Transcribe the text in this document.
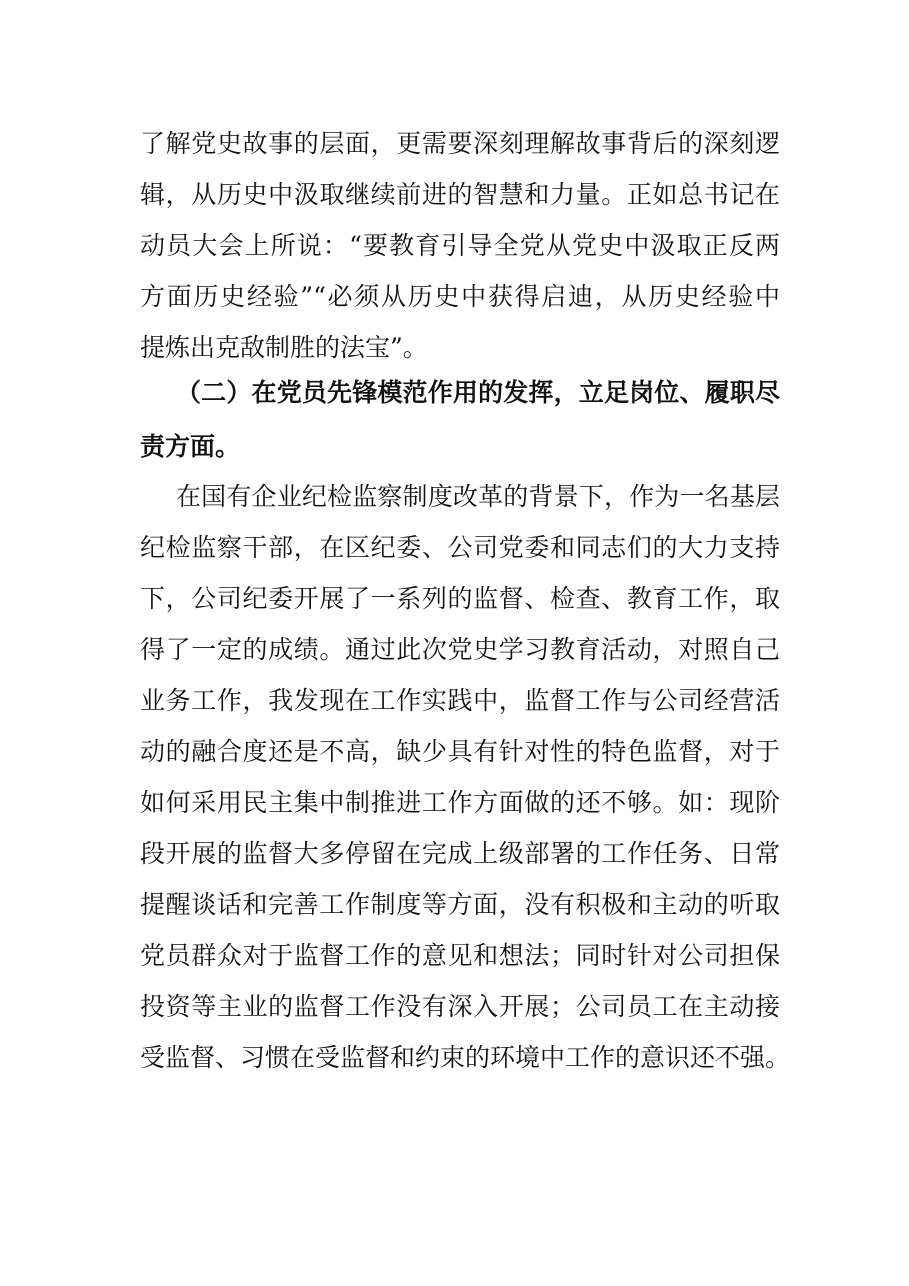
了解党史故事的层面，更需要深刻理解故事背后的深刻逻
辑，从历史中汲取继续前进的智慧和力量。正如总书记在
动员大会上所说：“要教育引导全党从党史中汲取正反两
方面历史经验”“必须从历史中获得启迪，从历史经验中
提炼出克敌制胜的法宝”。
（二）在党员先锋模范作用的发挥，立足岗位、履职尽
责方面。
在国有企业纪检监察制度改革的背景下，作为一名基层
纪检监察干部，在区纪委、公司党委和同志们的大力支持
下，公司纪委开展了一系列的监督、检查、教育工作，取
得了一定的成绩。通过此次党史学习教育活动，对照自己
业务工作，我发现在工作实践中，监督工作与公司经营活
动的融合度还是不高，缺少具有针对性的特色监督，对于
如何采用民主集中制推进工作方面做的还不够。如：现阶
段开展的监督大多停留在完成上级部署的工作任务、日常
提醒谈话和完善工作制度等方面，没有积极和主动的听取
党员群众对于监督工作的意见和想法；同时针对公司担保
投资等主业的监督工作没有深入开展；公司员工在主动接
受监督、习惯在受监督和约束的环境中工作的意识还不强。
